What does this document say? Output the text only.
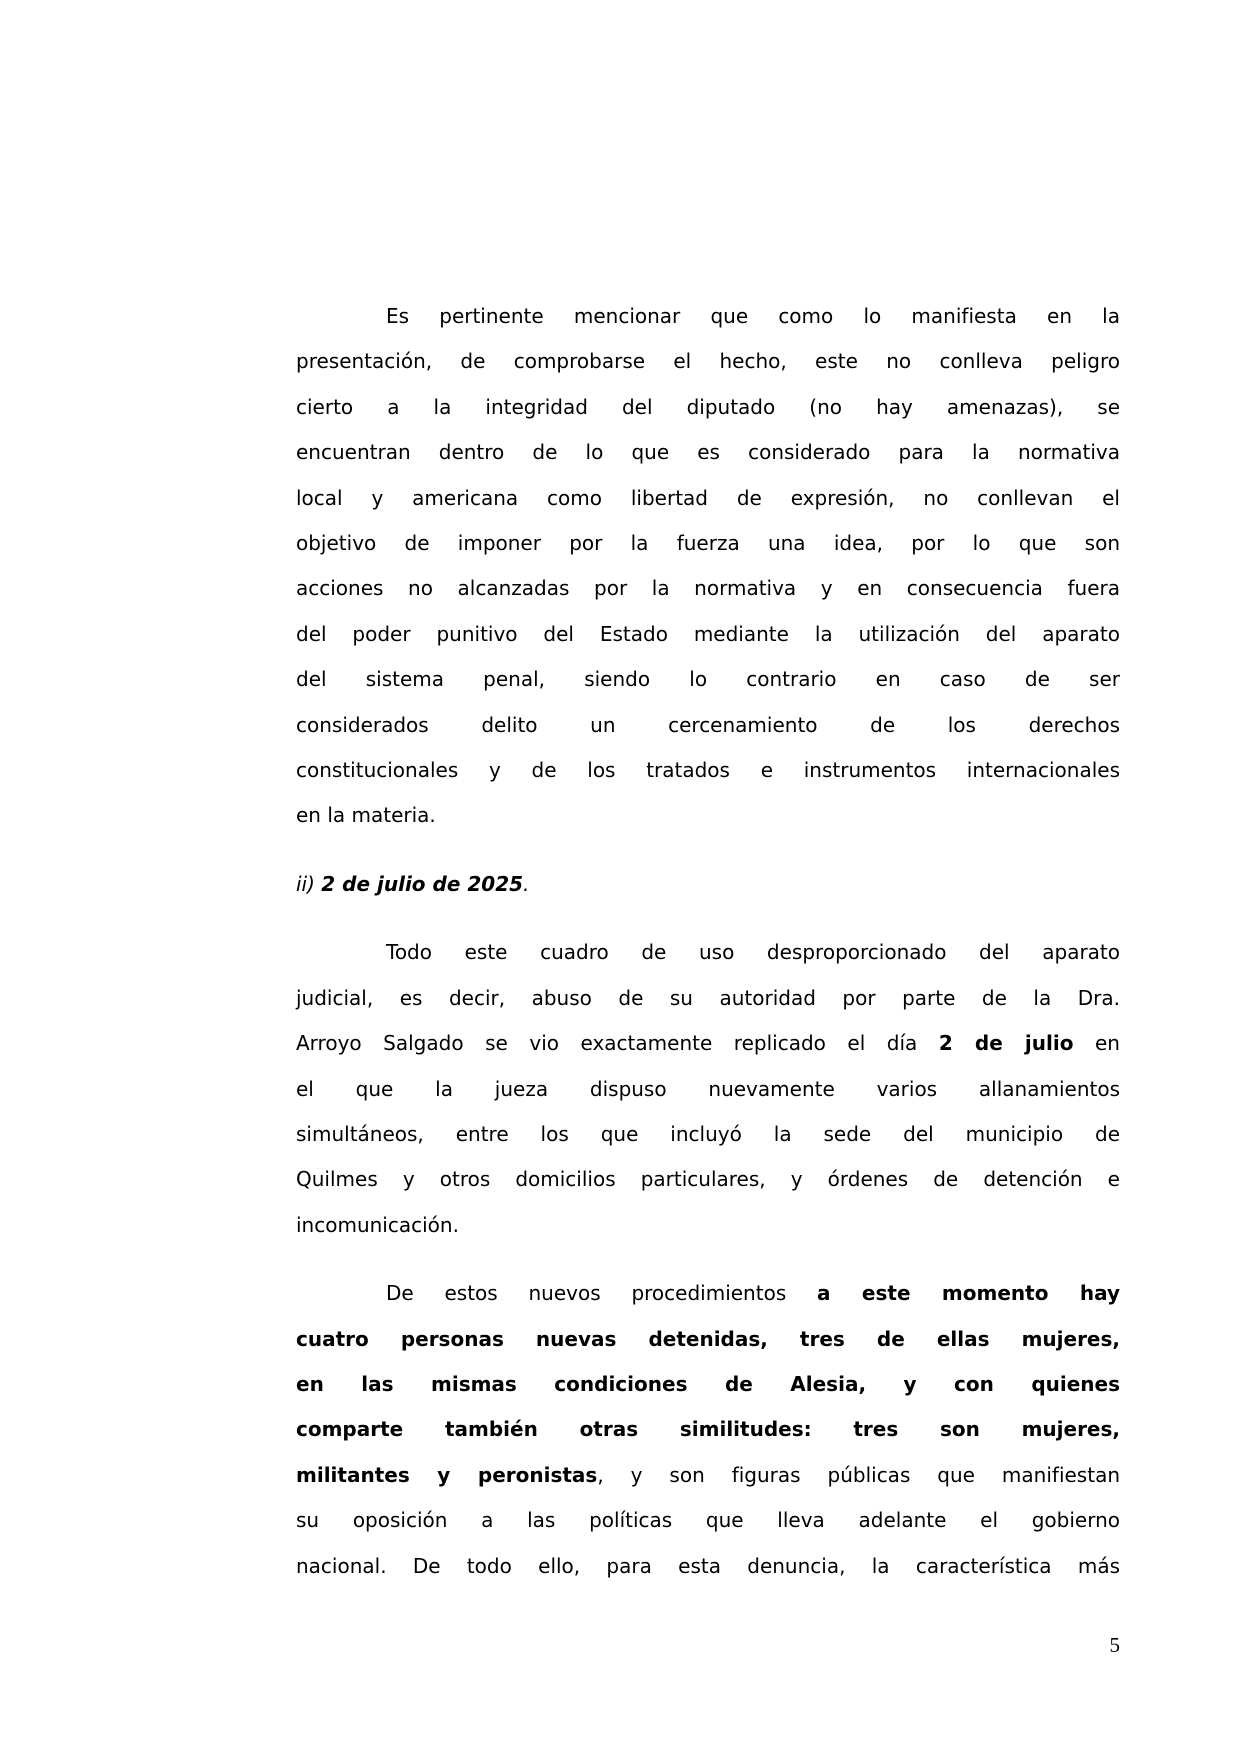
Es pertinente mencionar que como lo manifiesta en la
presentación, de comprobarse el hecho, este no conlleva peligro
cierto a la integridad del diputado (no hay amenazas), se
encuentran dentro de lo que es considerado para la normativa
local y americana como libertad de expresión, no conllevan el
objetivo de imponer por la fuerza una idea, por lo que son
acciones no alcanzadas por la normativa y en consecuencia fuera
del poder punitivo del Estado mediante la utilización del aparato
del sistema penal, siendo lo contrario en caso de ser
considerados delito un cercenamiento de los derechos
constitucionales y de los tratados e instrumentos internacionales
en la materia.
ii) 2 de julio de 2025.
Todo este cuadro de uso desproporcionado del aparato
judicial, es decir, abuso de su autoridad por parte de la Dra.
Arroyo Salgado se vio exactamente replicado el día 2 de julio en
el que la jueza dispuso nuevamente varios allanamientos
simultáneos, entre los que incluyó la sede del municipio de
Quilmes y otros domicilios particulares, y órdenes de detención e
incomunicación.
De estos nuevos procedimientos a este momento hay
cuatro personas nuevas detenidas, tres de ellas mujeres,
en las mismas condiciones de Alesia, y con quienes
comparte también otras similitudes: tres son mujeres,
militantes y peronistas, y son figuras públicas que manifiestan
su oposición a las políticas que lleva adelante el gobierno
nacional. De todo ello, para esta denuncia, la característica más
5
